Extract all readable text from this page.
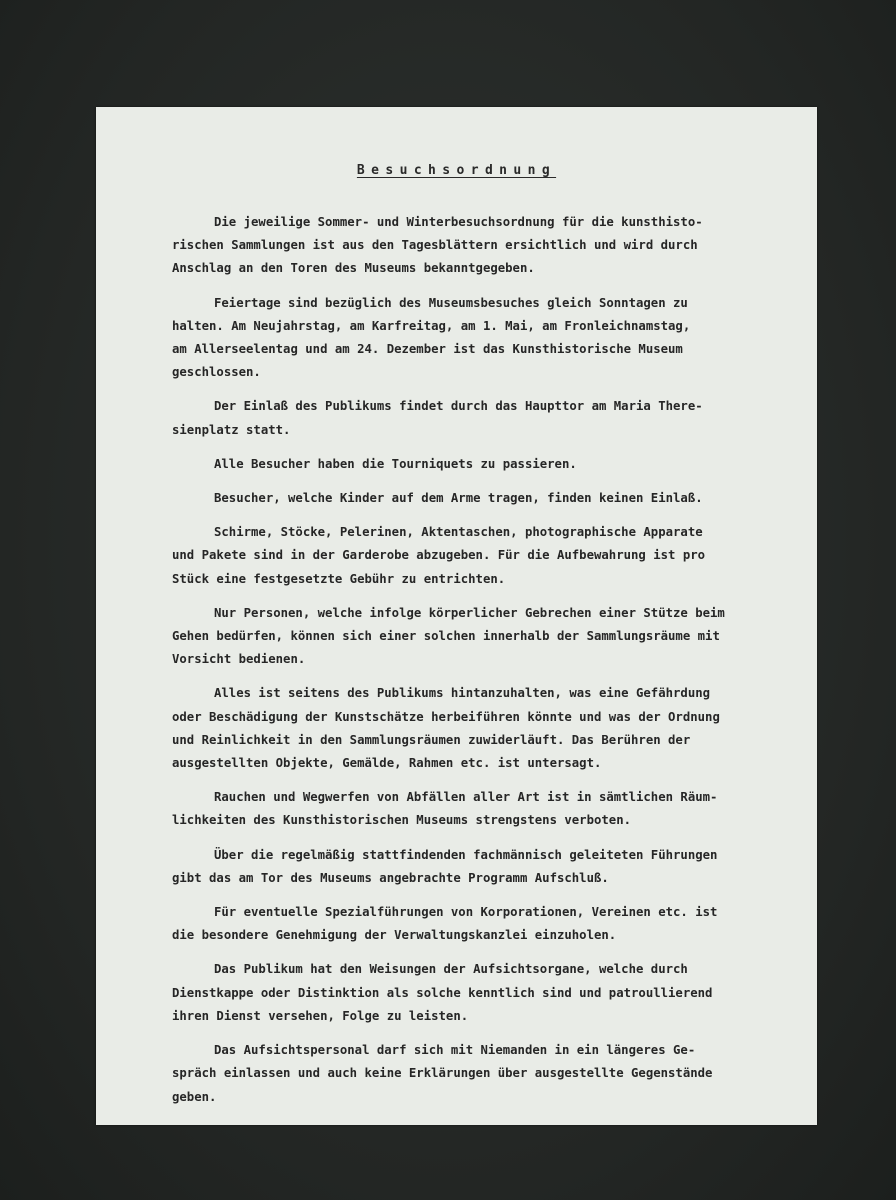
Besuchsordnung
Die jeweilige Sommer- und Winterbesuchsordnung für die kunsthisto-
rischen Sammlungen ist aus den Tagesblättern ersichtlich und wird durch
Anschlag an den Toren des Museums bekanntgegeben.
Feiertage sind bezüglich des Museumsbesuches gleich Sonntagen zu
halten. Am Neujahrstag, am Karfreitag, am 1. Mai, am Fronleichnamstag,
am Allerseelentag und am 24. Dezember ist das Kunsthistorische Museum
geschlossen.
Der Einlaß des Publikums findet durch das Haupttor am Maria There-
sienplatz statt.
Alle Besucher haben die Tourniquets zu passieren.
Besucher, welche Kinder auf dem Arme tragen, finden keinen Einlaß.
Schirme, Stöcke, Pelerinen, Aktentaschen, photographische Apparate
und Pakete sind in der Garderobe abzugeben. Für die Aufbewahrung ist pro
Stück eine festgesetzte Gebühr zu entrichten.
Nur Personen, welche infolge körperlicher Gebrechen einer Stütze beim
Gehen bedürfen, können sich einer solchen innerhalb der Sammlungsräume mit
Vorsicht bedienen.
Alles ist seitens des Publikums hintanzuhalten, was eine Gefährdung
oder Beschädigung der Kunstschätze herbeiführen könnte und was der Ordnung
und Reinlichkeit in den Sammlungsräumen zuwiderläuft. Das Berühren der
ausgestellten Objekte, Gemälde, Rahmen etc. ist untersagt.
Rauchen und Wegwerfen von Abfällen aller Art ist in sämtlichen Räum-
lichkeiten des Kunsthistorischen Museums strengstens verboten.
Über die regelmäßig stattfindenden fachmännisch geleiteten Führungen
gibt das am Tor des Museums angebrachte Programm Aufschluß.
Für eventuelle Spezialführungen von Korporationen, Vereinen etc. ist
die besondere Genehmigung der Verwaltungskanzlei einzuholen.
Das Publikum hat den Weisungen der Aufsichtsorgane, welche durch
Dienstkappe oder Distinktion als solche kenntlich sind und patroullierend
ihren Dienst versehen, Folge zu leisten.
Das Aufsichtspersonal darf sich mit Niemanden in ein längeres Ge-
spräch einlassen und auch keine Erklärungen über ausgestellte Gegenstände
geben.
